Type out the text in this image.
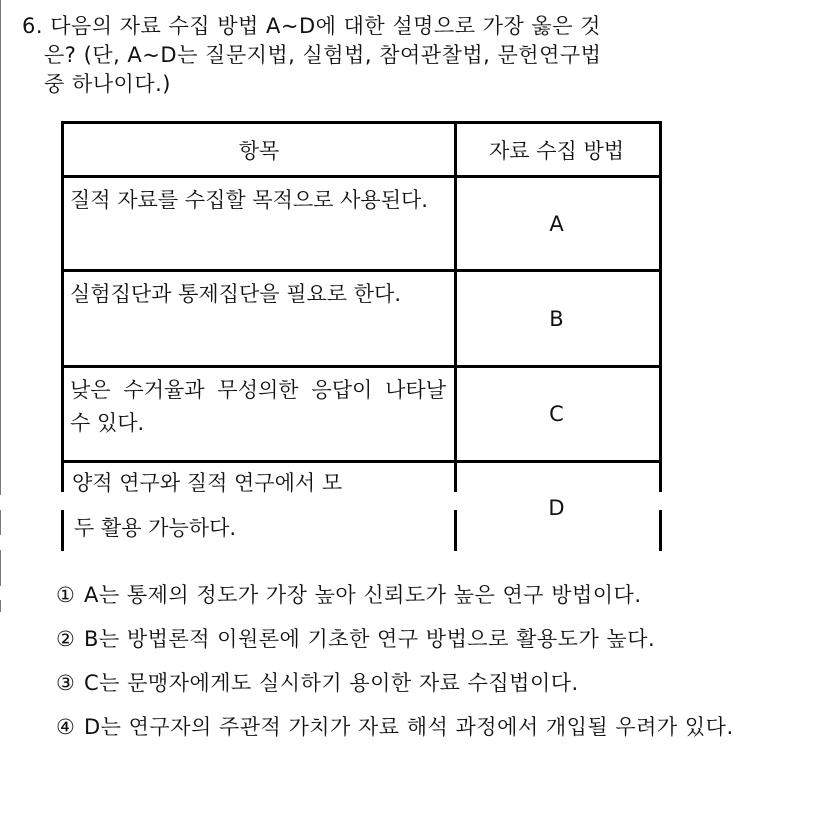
6. 다음의 자료 수집 방법 A~D에 대한 설명으로 가장 옳은 것
은? (단, A~D는 질문지법, 실험법, 참여관찰법, 문헌연구법
중 하나이다.)
항목	자료 수집 방법
질적 자료를 수집할 목적으로 사용된다.
A
실험집단과 통제집단을 필요로 한다.
B
낮은 수거율과 무성의한 응답이 나타날 수 있다.	C
양적 연구와 질적 연구에서 모
두 활용 가능하다.
D
① A는 통제의 정도가 가장 높아 신뢰도가 높은 연구 방법이다.
② B는 방법론적 이원론에 기초한 연구 방법으로 활용도가 높다.
③ C는 문맹자에게도 실시하기 용이한 자료 수집법이다.
④ D는 연구자의 주관적 가치가 자료 해석 과정에서 개입될 우려가 있다.
